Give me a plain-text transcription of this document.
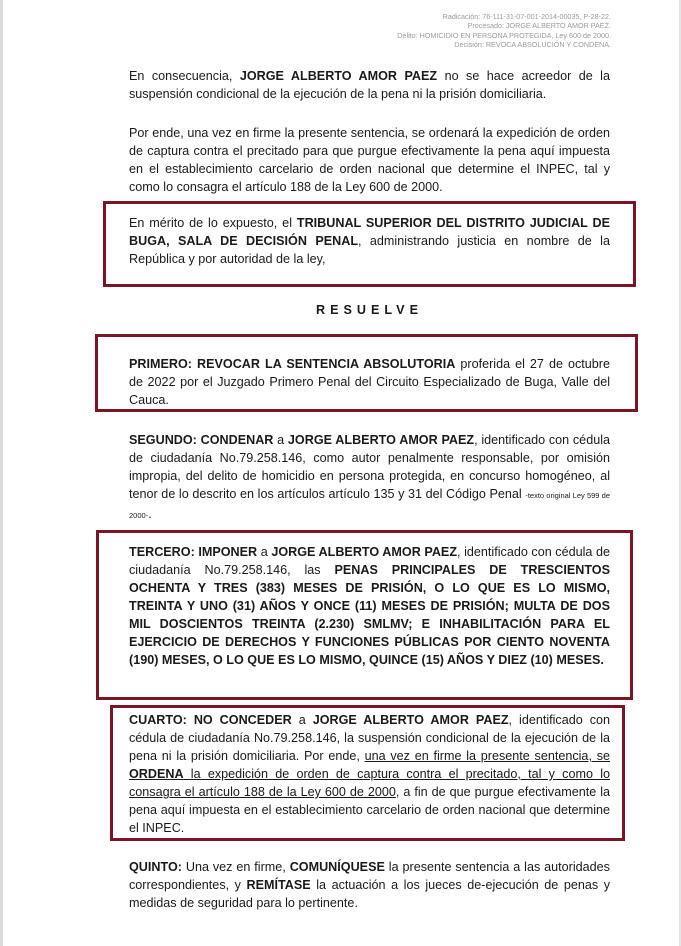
Radicación: 76-111-31-07-001-2014-00035, P-28-22.
Procesado: JORGE ALBERTO AMOR PAEZ.
Delito: HOMICIDIO EN PERSONA PROTEGIDA, Ley 600 de 2000.
Decisión: REVOCA ABSOLUCIÓN Y CONDENA.
En consecuencia, JORGE ALBERTO AMOR PAEZ no se hace acreedor de la suspensión condicional de la ejecución de la pena ni la prisión domiciliaria.
Por ende, una vez en firme la presente sentencia, se ordenará la expedición de orden de captura contra el precitado para que purgue efectivamente la pena aquí impuesta en el establecimiento carcelario de orden nacional que determine el INPEC, tal y como lo consagra el artículo 188 de la Ley 600 de 2000.
En mérito de lo expuesto, el TRIBUNAL SUPERIOR DEL DISTRITO JUDICIAL DE BUGA, SALA DE DECISIÓN PENAL, administrando justicia en nombre de la República y por autoridad de la ley,
RESUELVE
PRIMERO: REVOCAR LA SENTENCIA ABSOLUTORIA proferida el 27 de octubre de 2022 por el Juzgado Primero Penal del Circuito Especializado de Buga, Valle del Cauca.
SEGUNDO: CONDENAR a JORGE ALBERTO AMOR PAEZ, identificado con cédula de ciudadanía No.79.258.146, como autor penalmente responsable, por omisión impropia, del delito de homicidio en persona protegida, en concurso homogéneo, al tenor de lo descrito en los artículos artículo 135 y 31 del Código Penal -texto original Ley 599 de 2000-.
TERCERO: IMPONER a JORGE ALBERTO AMOR PAEZ, identificado con cédula de ciudadanía No.79.258.146, las PENAS PRINCIPALES DE TRESCIENTOS OCHENTA Y TRES (383) MESES DE PRISIÓN, O LO QUE ES LO MISMO, TREINTA Y UNO (31) AÑOS Y ONCE (11) MESES DE PRISIÓN; MULTA DE DOS MIL DOSCIENTOS TREINTA (2.230) SMLMV; E INHABILITACIÓN PARA EL EJERCICIO DE DERECHOS Y FUNCIONES PÚBLICAS POR CIENTO NOVENTA (190) MESES, O LO QUE ES LO MISMO, QUINCE (15) AÑOS Y DIEZ (10) MESES.
CUARTO: NO CONCEDER a JORGE ALBERTO AMOR PAEZ, identificado con cédula de ciudadanía No.79.258.146, la suspensión condicional de la ejecución de la pena ni la prisión domiciliaria. Por ende, una vez en firme la presente sentencia, se ORDENA la expedición de orden de captura contra el precitado, tal y como lo consagra el artículo 188 de la Ley 600 de 2000, a fin de que purgue efectivamente la pena aquí impuesta en el establecimiento carcelario de orden nacional que determine el INPEC.
QUINTO: Una vez en firme, COMUNÍQUESE la presente sentencia a las autoridades correspondientes, y REMÍTASE la actuación a los jueces de-ejecución de penas y medidas de seguridad para lo pertinente.
